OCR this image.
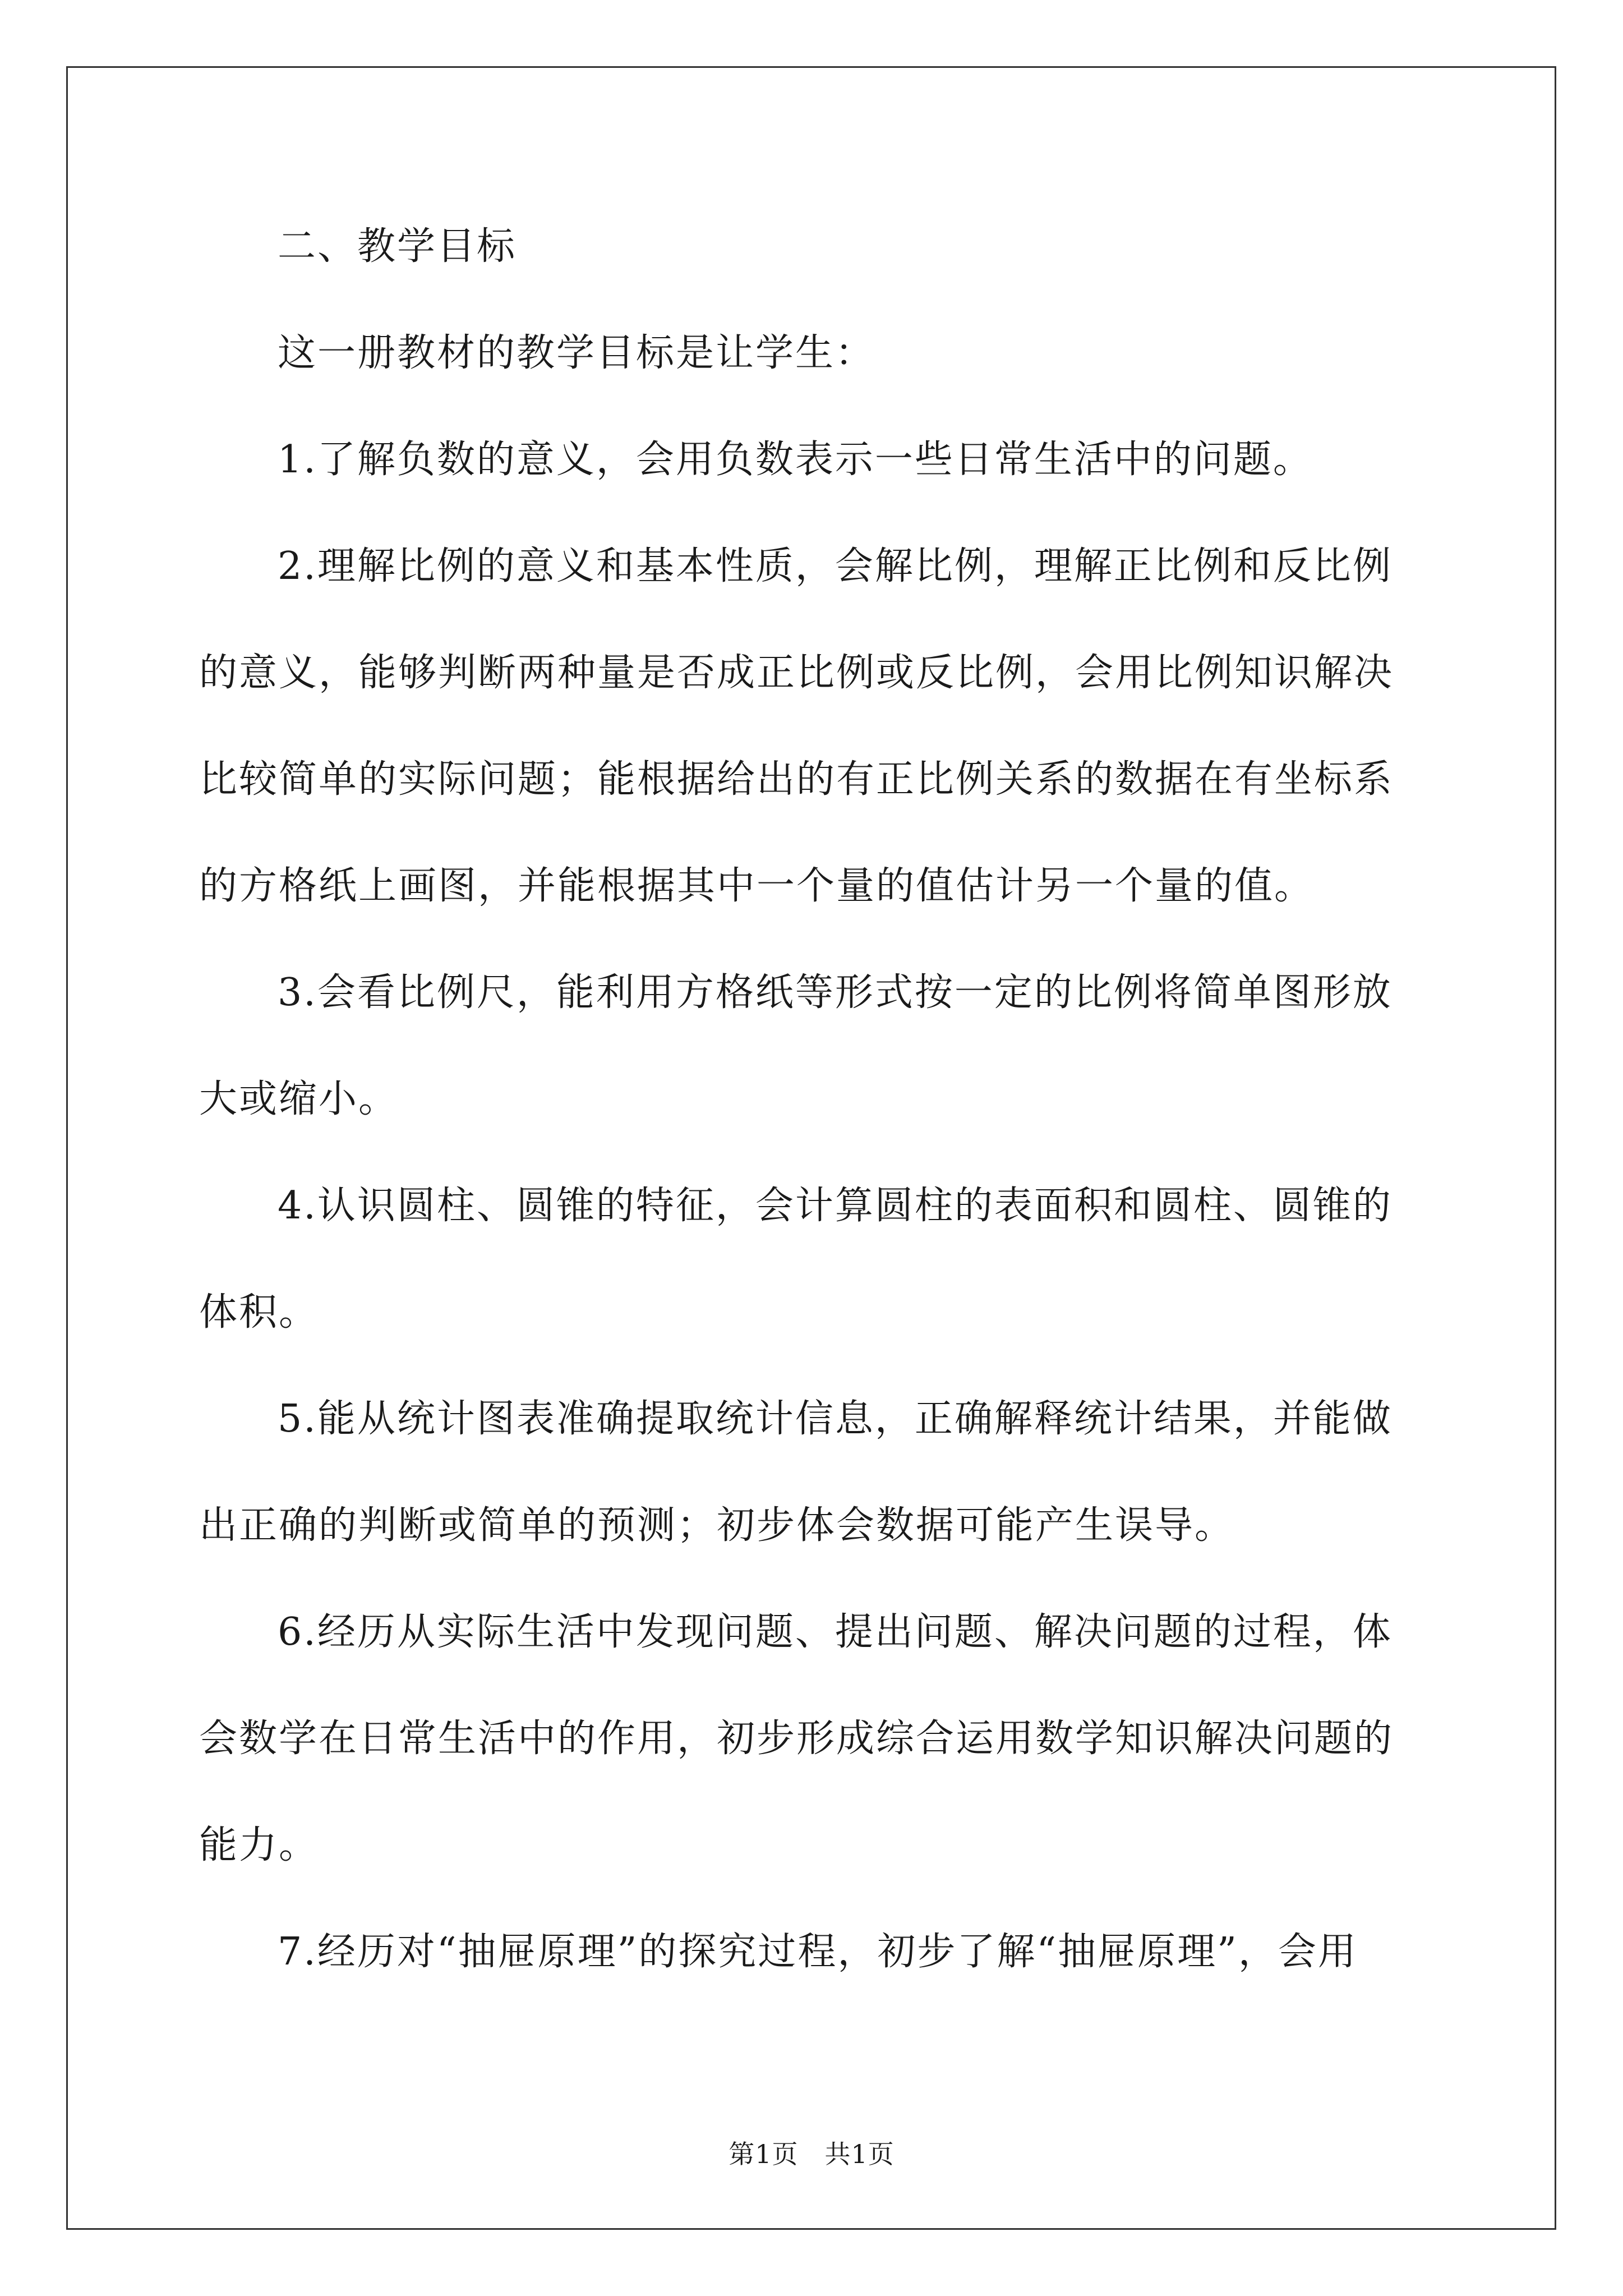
二、教学目标
这一册教材的教学目标是让学生：
1.了解负数的意义，会用负数表示一些日常生活中的问题。
2.理解比例的意义和基本性质，会解比例，理解正比例和反比例
的意义，能够判断两种量是否成正比例或反比例，会用比例知识解决
比较简单的实际问题；能根据给出的有正比例关系的数据在有坐标系
的方格纸上画图，并能根据其中一个量的值估计另一个量的值。
3.会看比例尺，能利用方格纸等形式按一定的比例将简单图形放
大或缩小。
4.认识圆柱、圆锥的特征，会计算圆柱的表面积和圆柱、圆锥的
体积。
5.能从统计图表准确提取统计信息，正确解释统计结果，并能做
出正确的判断或简单的预测；初步体会数据可能产生误导。
6.经历从实际生活中发现问题、提出问题、解决问题的过程，体
会数学在日常生活中的作用，初步形成综合运用数学知识解决问题的
能力。
7.经历对“抽屉原理”的探究过程，初步了解“抽屉原理”，会用
第1页　共1页
